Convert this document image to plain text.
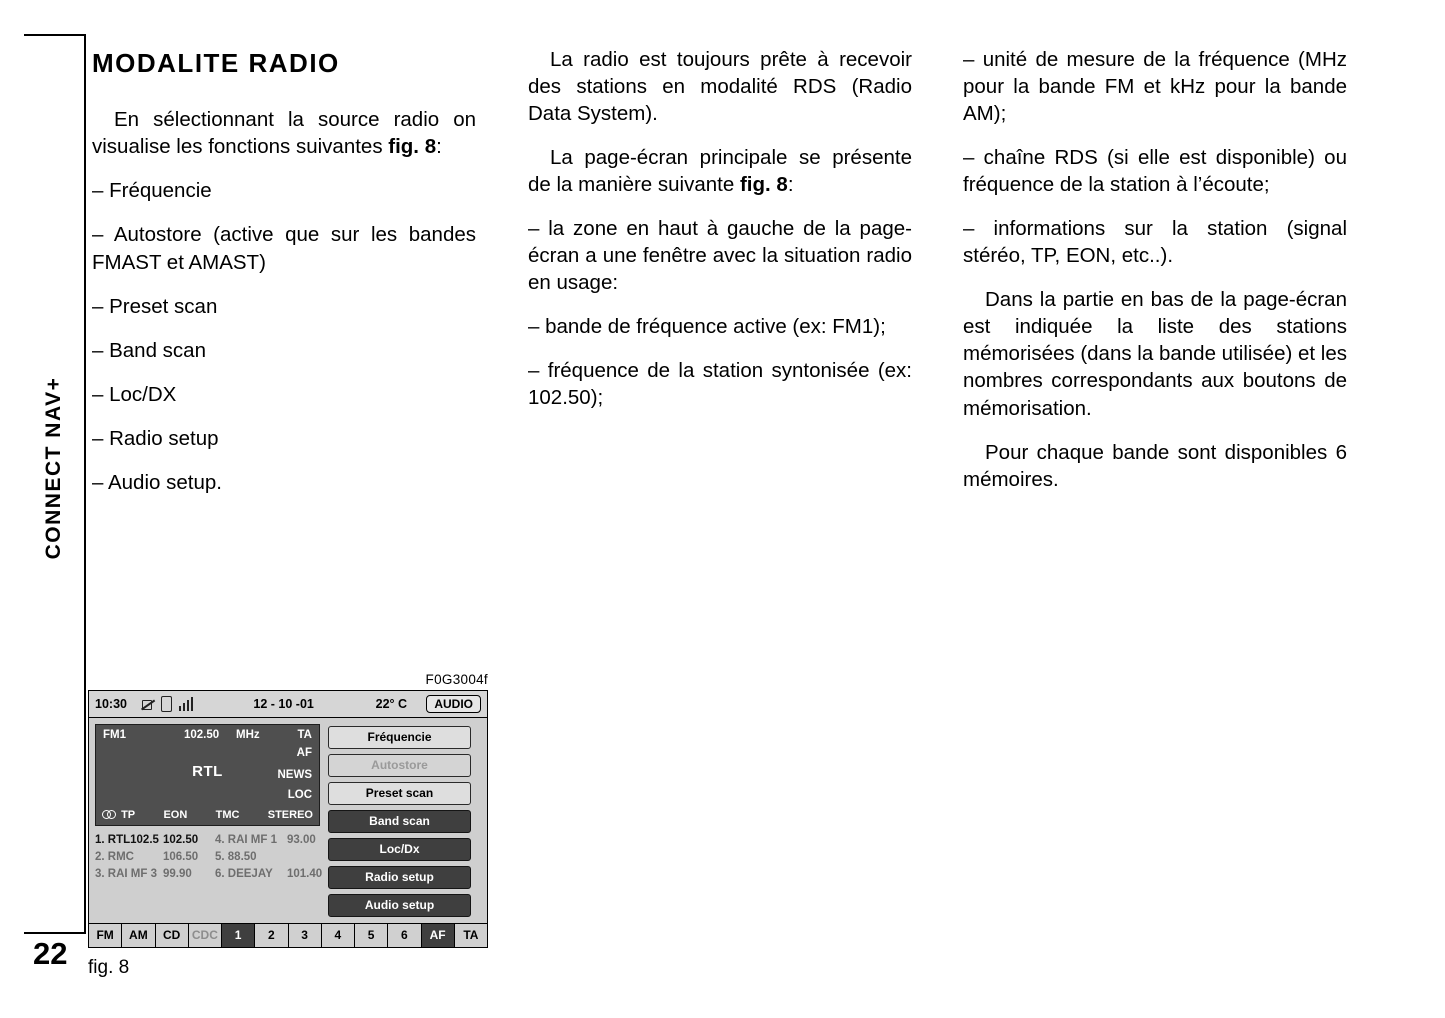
CONNECT NAV+
22
MODALITE RADIO

En sélectionnant la source radio on visualise les fonctions suivantes fig. 8:

– Fréquencie

– Autostore (active que sur les bandes FMAST et AMAST)

– Preset scan

– Band scan

– Loc/DX

– Radio setup

– Audio setup.

La radio est toujours prête à recevoir des stations en modalité RDS (Radio Data System).

La page-écran principale se présente de la manière suivante fig. 8:

– la zone en haut à gauche de la page-écran a une fenêtre avec la situation radio en usage:

– bande de fréquence active (ex: FM1);

– fréquence de la station syntonisée (ex: 102.50);

– unité de mesure de la fréquence (MHz pour la bande FM et kHz pour la bande AM);

– chaîne RDS (si elle est disponible) ou fréquence de la station à l’écoute;

– informations sur la station (signal stéréo, TP, EON, etc..).

Dans la partie en bas de la page-écran est indiquée la liste des stations mémorisées (dans la bande utilisée) et les nombres correspondants aux boutons de mémorisation.

Pour chaque bande sont disponibles 6 mémoires.

F0G3004f
10:30	12 - 10 -01	22° C	AUDIO
FM1	102.50 MHz	TA
AF
NEWS
LOC
RTL
TP	EON	TMC	STEREO
1. RTL102.5 102.50	4. RAI MF 1 93.00
2. RMC	106.50	5. 88.50
3. RAI MF 3 99.90	6. DEEJAY	101.40
Fréquencie
Autostore
Preset scan
Band scan
Loc/Dx
Radio setup
Audio setup
FM	AM	CD CDC	1	2	3	4	5	6	AF	TA
fig. 8
